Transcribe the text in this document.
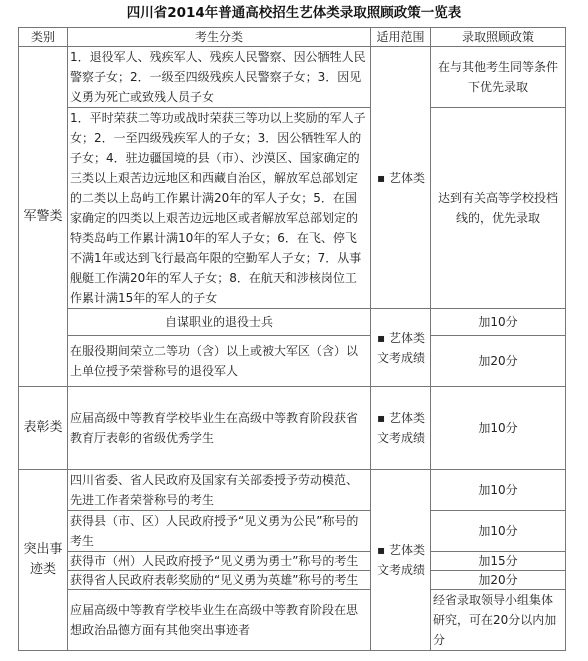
四川省2014年普通高校招生艺体类录取照顾政策一览表
类别	考生分类	适用范围	录取照顾政策
军警类	1．退役军人、残疾军人、残疾人民警察、因公牺牲人民警察子女；2．一级至四级残疾人民警察子女；3．因见义勇为死亡或致残人员子女	▪ 艺体类	在与其他考生同等条件下优先录取
	1．平时荣获二等功或战时荣获三等功以上奖励的军人子女；2．一至四级残疾军人的子女；3．因公牺牲军人的子女；4．驻边疆国境的县（市）、沙漠区、国家确定的三类以上艰苦边远地区和西藏自治区，解放军总部划定的二类以上岛屿工作累计满20年的军人子女；5．在国家确定的四类以上艰苦边远地区或者解放军总部划定的特类岛屿工作累计满10年的军人子女；6．在飞、停飞不满1年或达到飞行最高年限的空勤军人子女；7．从事舰艇工作满20年的军人子女；8．在航天和涉核岗位工作累计满15年的军人的子女		达到有关高等学校投档线的，优先录取
	自谋职业的退役士兵	▪ 艺体类文考成绩	加10分
	在服役期间荣立二等功（含）以上或被大军区（含）以上单位授予荣誉称号的退役军人		加20分
表彰类	应届高级中等教育学校毕业生在高级中等教育阶段获省教育厅表彰的省级优秀学生	▪ 艺体类文考成绩	加10分
突出事迹类	四川省委、省人民政府及国家有关部委授予劳动模范、先进工作者荣誉称号的考生	▪ 艺体类文考成绩	加10分
	获得县（市、区）人民政府授予“见义勇为公民”称号的考生		加10分
	获得市（州）人民政府授予“见义勇为勇士”称号的考生		加15分
	获得省人民政府表彰奖励的“见义勇为英雄”称号的考生		加20分
	应届高级中等教育学校毕业生在高级中等教育阶段在思想政治品德方面有其他突出事迹者		经省录取领导小组集体研究，可在20分以内加分
